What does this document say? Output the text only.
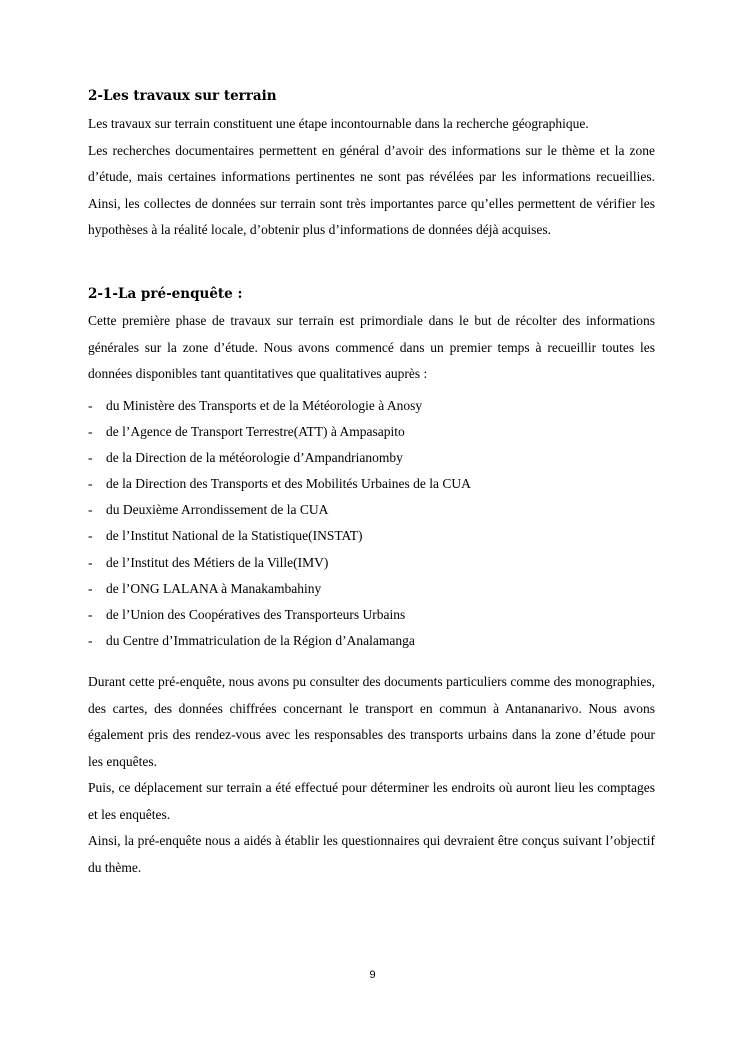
2-Les travaux sur terrain

Les travaux sur terrain constituent une étape incontournable dans la recherche géographique.

Les recherches documentaires permettent en général d’avoir des informations sur le thème et la zone d’étude, mais certaines informations pertinentes ne sont pas révélées par les informations recueillies. Ainsi, les collectes de données sur terrain sont très importantes parce qu’elles permettent de vérifier les hypothèses à la réalité locale, d’obtenir plus d’informations de données déjà acquises.

2-1-La pré-enquête :

Cette première phase de travaux sur terrain est primordiale dans le but de récolter des informations générales sur la zone d’étude. Nous avons commencé dans un premier temps à recueillir toutes les données disponibles tant quantitatives que qualitatives auprès :

- du Ministère des Transports et de la Météorologie à Anosy
- de l’Agence de Transport Terrestre(ATT) à Ampasapito
- de la Direction de la météorologie d’Ampandrianomby
- de la Direction des Transports et des Mobilités Urbaines de la CUA
- du Deuxième Arrondissement de la CUA
- de l’Institut National de la Statistique(INSTAT)
- de l’Institut des Métiers de la Ville(IMV)
- de l’ONG LALANA à Manakambahiny
- de l’Union des Coopératives des Transporteurs Urbains
- du Centre d’Immatriculation de la Région d’Analamanga

Durant cette pré-enquête, nous avons pu consulter des documents particuliers comme des monographies, des cartes, des données chiffrées concernant le transport en commun à Antananarivo. Nous avons également pris des rendez-vous avec les responsables des transports urbains dans la zone d’étude pour les enquêtes.

Puis, ce déplacement sur terrain a été effectué pour déterminer les endroits où auront lieu les comptages et les enquêtes.

Ainsi, la pré-enquête nous a aidés à établir les questionnaires qui devraient être conçus suivant l’objectif du thème.

9
